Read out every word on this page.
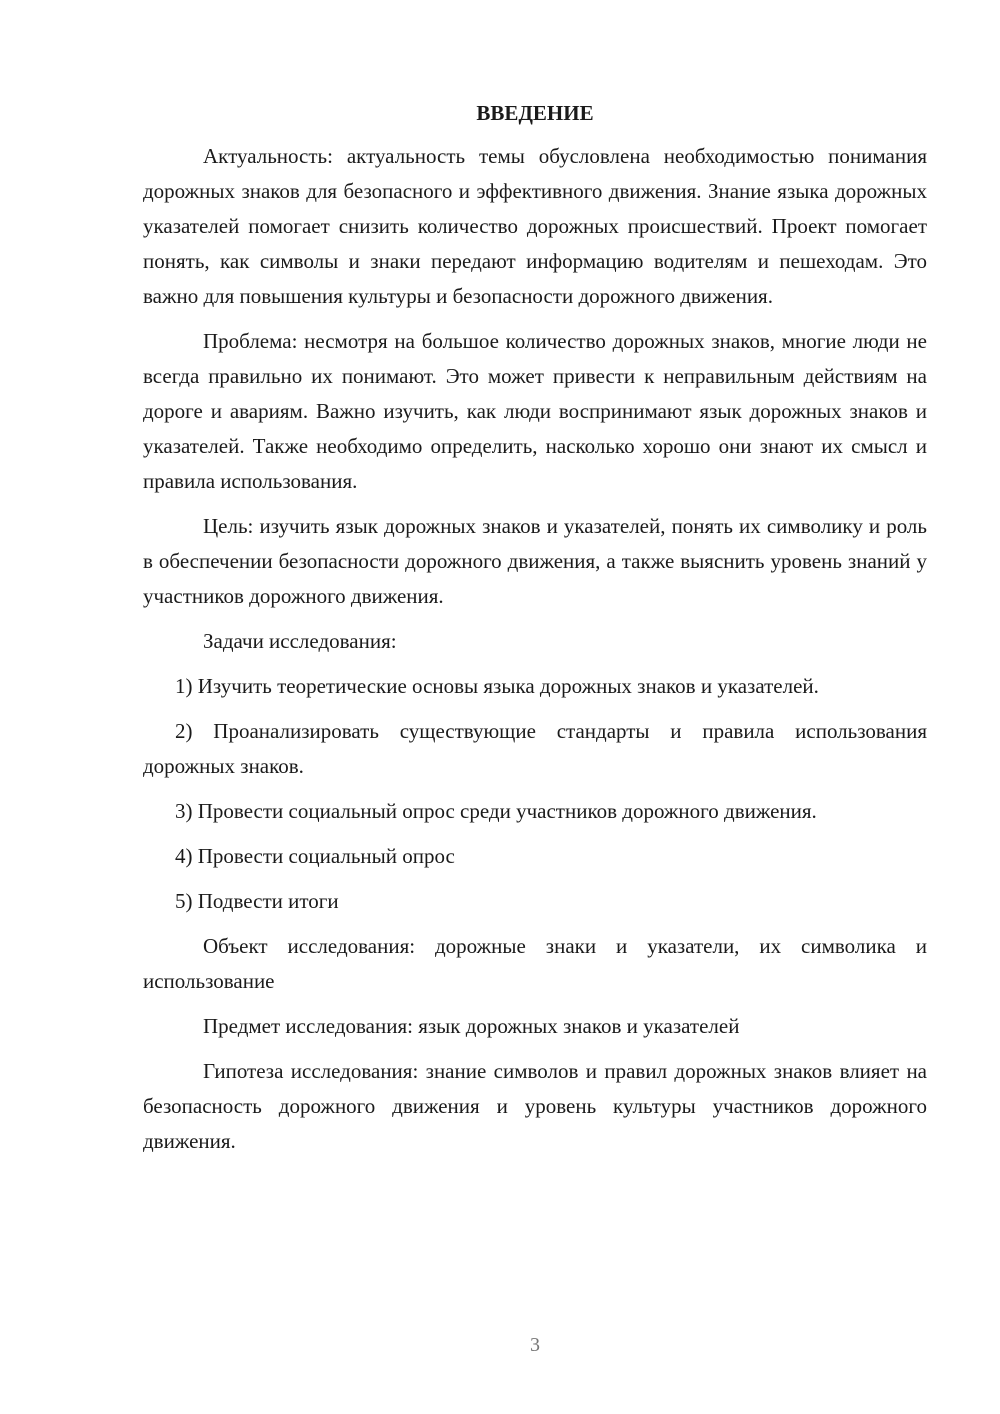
ВВЕДЕНИЕ

Актуальность: актуальность темы обусловлена необходимостью понимания дорожных знаков для безопасного и эффективного движения. Знание языка дорожных указателей помогает снизить количество дорожных происшествий. Проект помогает понять, как символы и знаки передают информацию водителям и пешеходам. Это важно для повышения культуры и безопасности дорожного движения.

Проблема: несмотря на большое количество дорожных знаков, многие люди не всегда правильно их понимают. Это может привести к неправильным действиям на дороге и авариям. Важно изучить, как люди воспринимают язык дорожных знаков и указателей. Также необходимо определить, насколько хорошо они знают их смысл и правила использования.

Цель: изучить язык дорожных знаков и указателей, понять их символику и роль в обеспечении безопасности дорожного движения, а также выяснить уровень знаний у участников дорожного движения.

Задачи исследования:

1) Изучить теоретические основы языка дорожных знаков и указателей.

2) Проанализировать существующие стандарты и правила использования дорожных знаков.

3) Провести социальный опрос среди участников дорожного движения.

4) Провести социальный опрос

5) Подвести итоги

Объект исследования: дорожные знаки и указатели, их символика и использование

Предмет исследования: язык дорожных знаков и указателей

Гипотеза исследования: знание символов и правил дорожных знаков влияет на безопасность дорожного движения и уровень культуры участников дорожного движения.

3
